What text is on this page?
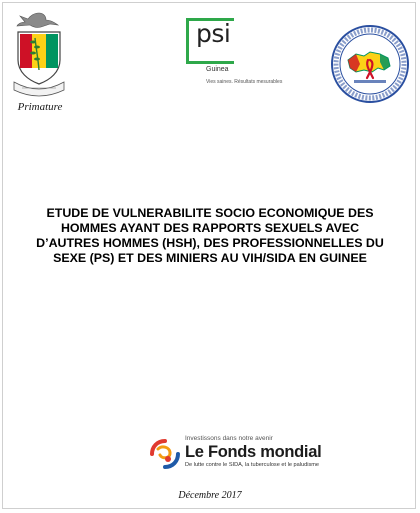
Primature
psi
Guinea
Vies saines. Résultats mesurables
ETUDE DE VULNERABILITE SOCIO ECONOMIQUE DES
HOMMES AYANT DES RAPPORTS SEXUELS AVEC
D’AUTRES HOMMES (HSH), DES PROFESSIONNELLES DU
SEXE (PS) ET DES MINIERS AU VIH/SIDA EN GUINEE
Investissons dans notre avenir
Le Fonds mondial
De lutte contre le SIDA, la tuberculose et le paludisme
Décembre 2017
